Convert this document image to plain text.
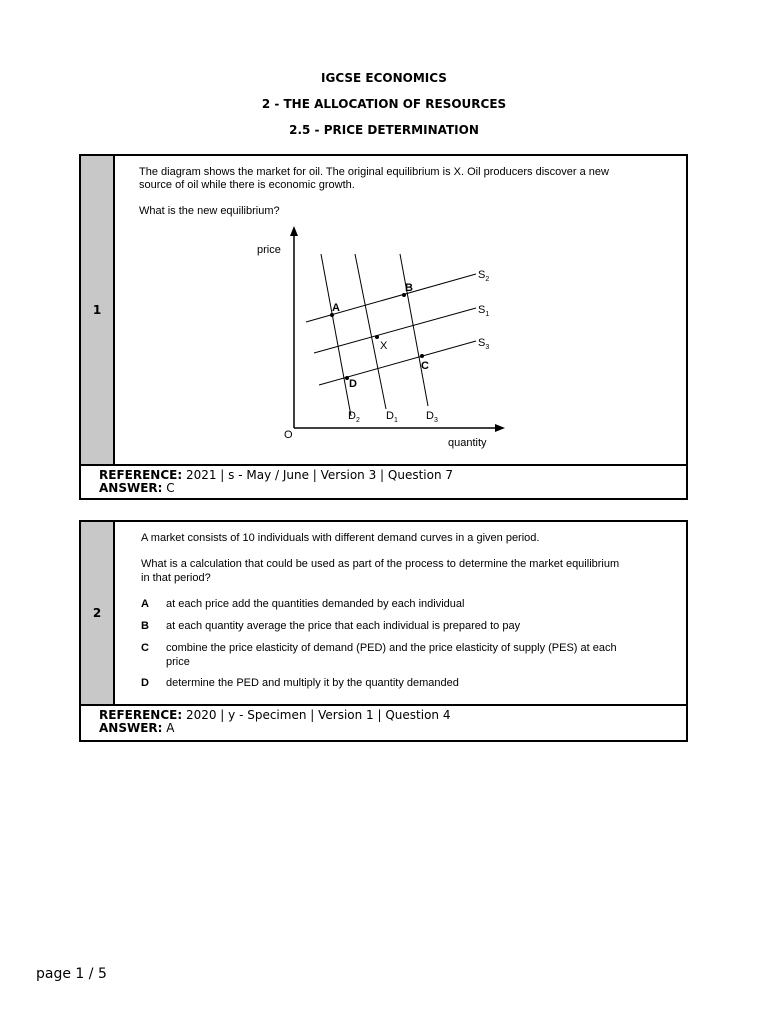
IGCSE ECONOMICS
2 - THE ALLOCATION OF RESOURCES
2.5 - PRICE DETERMINATION
1
The diagram shows the market for oil. The original equilibrium is X. Oil producers discover a new
source of oil while there is economic growth.
What is the new equilibrium?
price
quantity
O
$S_2$
$S_1$
$S_3$
$D_2$ $D_1$	$D_3$
A
B
X
C
D
REFERENCE: 2021 | s - May / June | Version 3 | Question 7
ANSWER: C
2
A market consists of 10 individuals with different demand curves in a given period.
What is a calculation that could be used as part of the process to determine the market equilibrium
in that period?
A at each price add the quantities demanded by each individual
B at each quantity average the price that each individual is prepared to pay
C combine the price elasticity of demand (PED) and the price elasticity of supply (PES) at each
price
D determine the PED and multiply it by the quantity demanded
REFERENCE: 2020 | y - Specimen | Version 1 | Question 4
ANSWER: A
page 1 / 5
